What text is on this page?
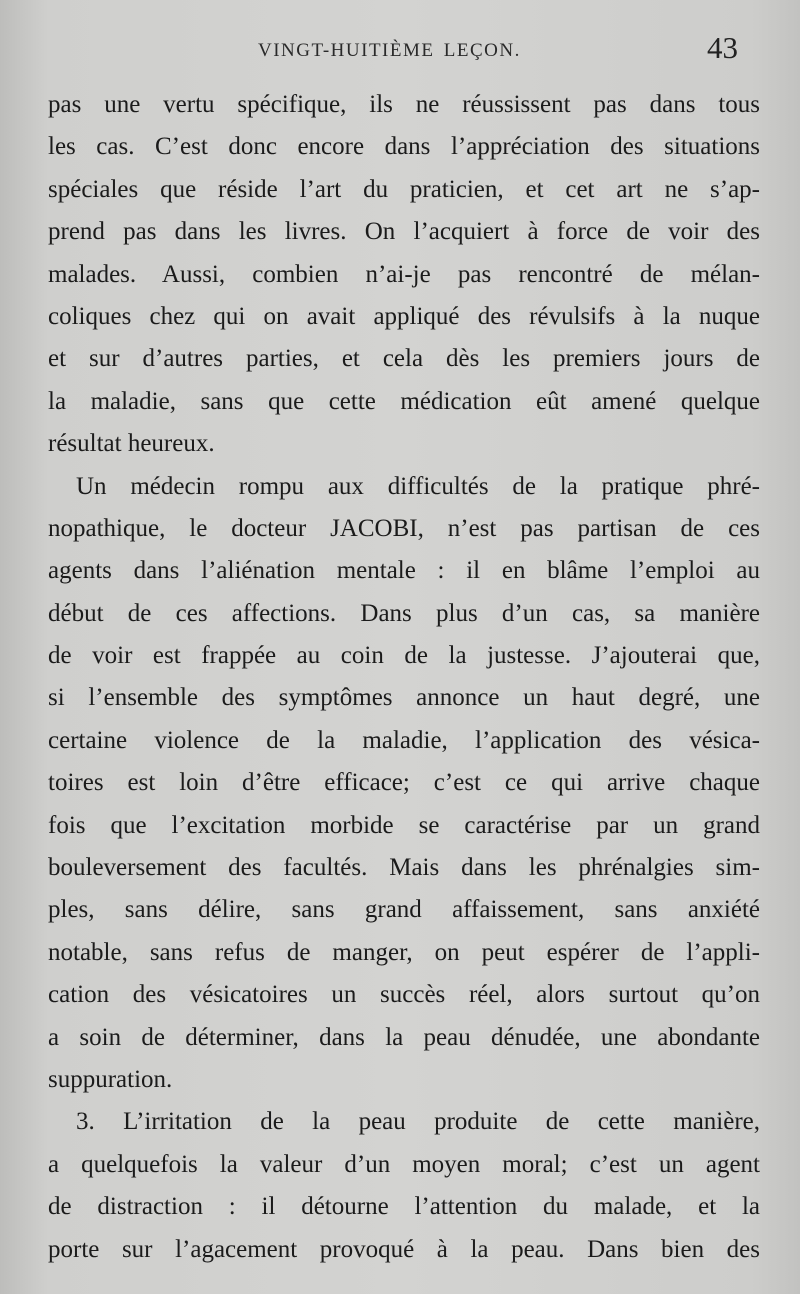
VINGT-HUITIÈME LEÇON.	43
pas une vertu spécifique, ils ne réussissent pas dans tous
les cas. C’est donc encore dans l’appréciation des situations
spéciales que réside l’art du praticien, et cet art ne s’ap-
prend pas dans les livres. On l’acquiert à force de voir des
malades. Aussi, combien n’ai-je pas rencontré de mélan-
coliques chez qui on avait appliqué des révulsifs à la nuque
et sur d’autres parties, et cela dès les premiers jours de
la maladie, sans que cette médication eût amené quelque
résultat heureux.
Un médecin rompu aux difficultés de la pratique phré-
nopathique, le docteur JACOBI, n’est pas partisan de ces
agents dans l’aliénation mentale : il en blâme l’emploi au
début de ces affections. Dans plus d’un cas, sa manière
de voir est frappée au coin de la justesse. J’ajouterai que,
si l’ensemble des symptômes annonce un haut degré, une
certaine violence de la maladie, l’application des vésica-
toires est loin d’être efficace; c’est ce qui arrive chaque
fois que l’excitation morbide se caractérise par un grand
bouleversement des facultés. Mais dans les phrénalgies sim-
ples, sans délire, sans grand affaissement, sans anxiété
notable, sans refus de manger, on peut espérer de l’appli-
cation des vésicatoires un succès réel, alors surtout qu’on
a soin de déterminer, dans la peau dénudée, une abondante
suppuration.
3. L’irritation de la peau produite de cette manière,
a quelquefois la valeur d’un moyen moral; c’est un agent
de distraction : il détourne l’attention du malade, et la
porte sur l’agacement provoqué à la peau. Dans bien des
